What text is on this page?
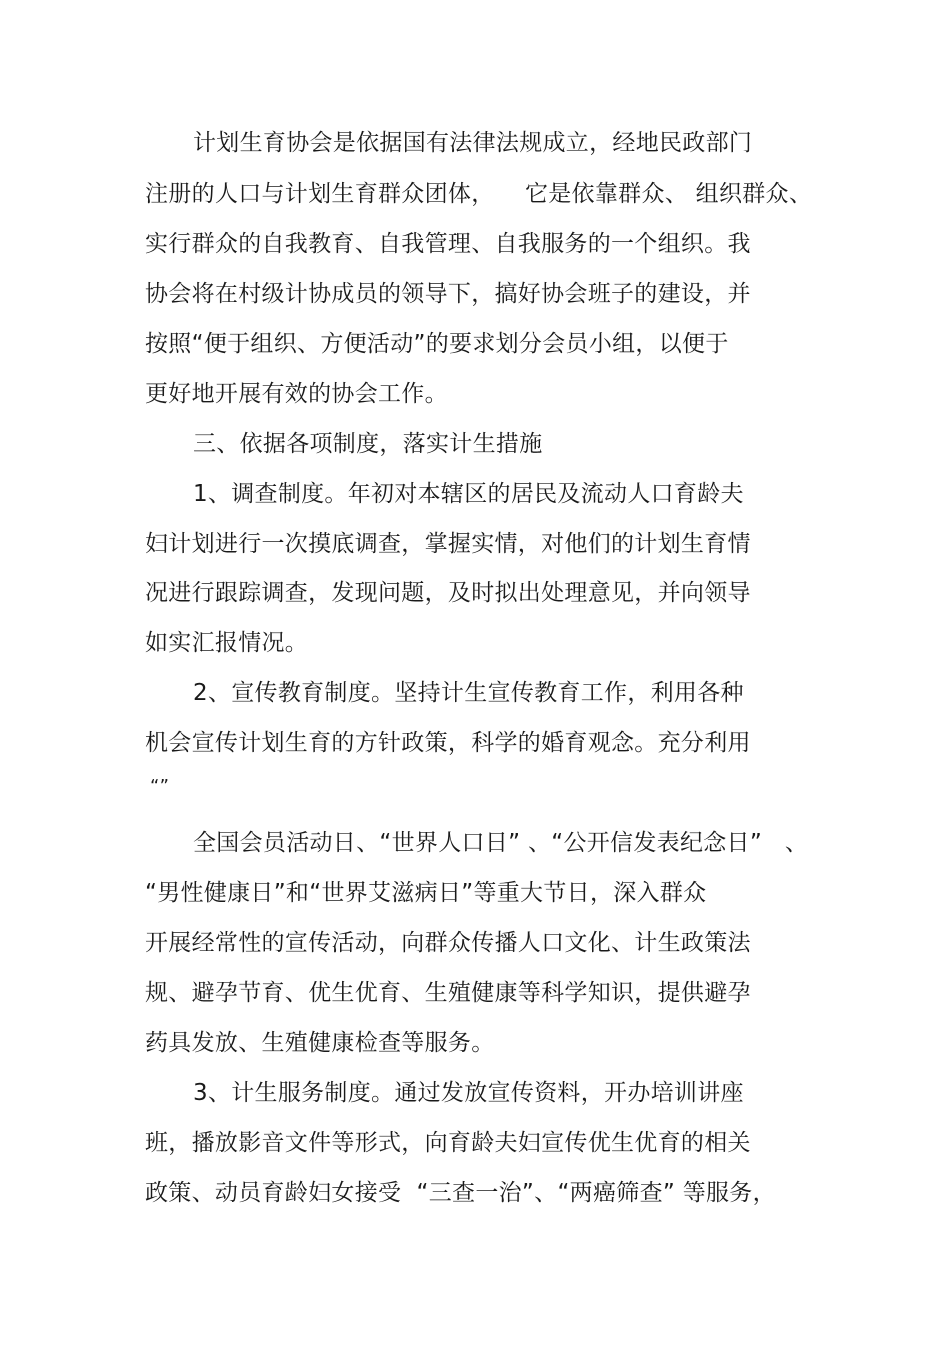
计划生育协会是依据国有法律法规成立，经地民政部门
注册的人口与计划生育群众团体，    它是依靠群众、 组织群众、
实行群众的自我教育、自我管理、自我服务的一个组织。我
协会将在村级计协成员的领导下，搞好协会班子的建设，并
按照“便于组织、方便活动”的要求划分会员小组，以便于
更好地开展有效的协会工作。
三、依据各项制度，落实计生措施
1、调查制度。年初对本辖区的居民及流动人口育龄夫
妇计划进行一次摸底调查，掌握实情，对他们的计划生育情
况进行跟踪调查，发现问题，及时拟出处理意见，并向领导
如实汇报情况。
2、宣传教育制度。坚持计生宣传教育工作，利用各种
机会宣传计划生育的方针政策，科学的婚育观念。充分利用
“”
全国会员活动日、“世界人口日” 、“公开信发表纪念日”   、
“男性健康日”和“世界艾滋病日”等重大节日，深入群众
开展经常性的宣传活动，向群众传播人口文化、计生政策法
规、避孕节育、优生优育、生殖健康等科学知识，提供避孕
药具发放、生殖健康检查等服务。
3、计生服务制度。通过发放宣传资料，开办培训讲座
班，播放影音文件等形式，向育龄夫妇宣传优生优育的相关
政策、动员育龄妇女接受  “三查一治”、“两癌筛查” 等服务，
